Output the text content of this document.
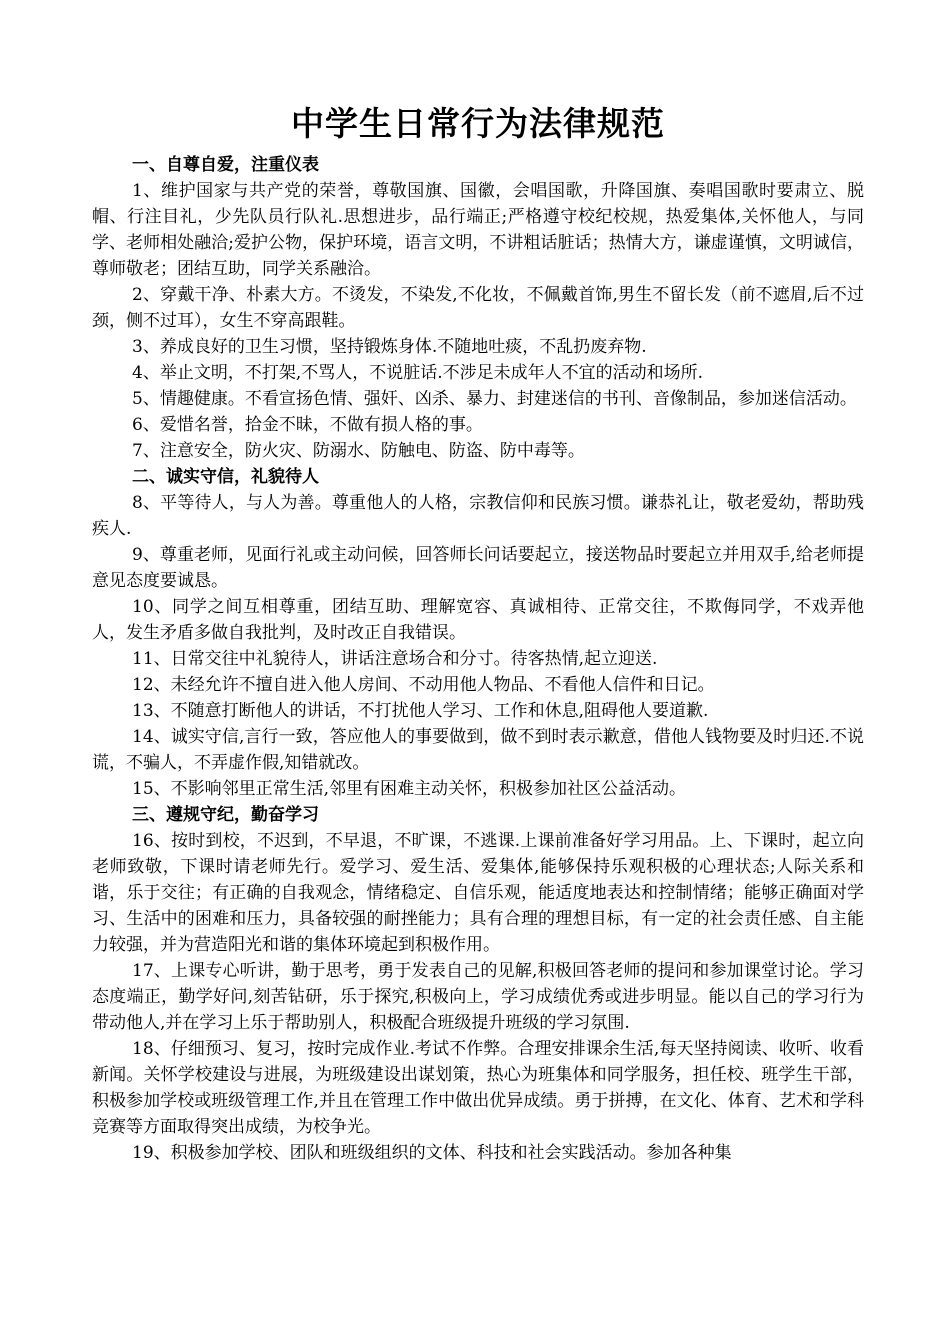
中学生日常行为法律规范

一、自尊自爱，注重仪表

1、维护国家与共产党的荣誉，尊敬国旗、国徽，会唱国歌，升降国旗、奏唱国歌时要肃立、脱帽、行注目礼，少先队员行队礼.思想进步，品行端正;严格遵守校纪校规，热爱集体,关怀他人，与同学、老师相处融洽;爱护公物，保护环境，语言文明，不讲粗话脏话；热情大方，谦虚谨慎，文明诚信，尊师敬老；团结互助，同学关系融洽。

2、穿戴干净、朴素大方。不烫发，不染发,不化妆，不佩戴首饰,男生不留长发（前不遮眉,后不过颈，侧不过耳），女生不穿高跟鞋。

3、养成良好的卫生习惯，坚持锻炼身体.不随地吐痰，不乱扔废弃物.

4、举止文明，不打架,不骂人，不说脏话.不涉足未成年人不宜的活动和场所.

5、情趣健康。不看宣扬色情、强奸、凶杀、暴力、封建迷信的书刊、音像制品，参加迷信活动。

6、爱惜名誉，拾金不昧，不做有损人格的事。

7、注意安全，防火灾、防溺水、防触电、防盗、防中毒等。

二、诚实守信，礼貌待人

8、平等待人，与人为善。尊重他人的人格，宗教信仰和民族习惯。谦恭礼让，敬老爱幼，帮助残疾人.

9、尊重老师，见面行礼或主动问候，回答师长问话要起立，接送物品时要起立并用双手,给老师提意见态度要诚恳。

10、同学之间互相尊重，团结互助、理解宽容、真诚相待、正常交往，不欺侮同学，不戏弄他人，发生矛盾多做自我批判，及时改正自我错误。

11、日常交往中礼貌待人，讲话注意场合和分寸。待客热情,起立迎送.

12、未经允许不擅自进入他人房间、不动用他人物品、不看他人信件和日记。

13、不随意打断他人的讲话，不打扰他人学习、工作和休息,阻碍他人要道歉.

14、诚实守信,言行一致，答应他人的事要做到，做不到时表示歉意，借他人钱物要及时归还.不说谎，不骗人，不弄虚作假,知错就改。

15、不影响邻里正常生活,邻里有困难主动关怀，积极参加社区公益活动。

三、遵规守纪，勤奋学习

16、按时到校，不迟到，不早退，不旷课，不逃课.上课前准备好学习用品。上、下课时，起立向老师致敬，下课时请老师先行。爱学习、爱生活、爱集体,能够保持乐观积极的心理状态;人际关系和谐，乐于交往；有正确的自我观念，情绪稳定、自信乐观，能适度地表达和控制情绪；能够正确面对学习、生活中的困难和压力，具备较强的耐挫能力；具有合理的理想目标，有一定的社会责任感、自主能力较强，并为营造阳光和谐的集体环境起到积极作用。

17、上课专心听讲，勤于思考，勇于发表自己的见解,积极回答老师的提问和参加课堂讨论。学习态度端正，勤学好问,刻苦钻研，乐于探究,积极向上，学习成绩优秀或进步明显。能以自己的学习行为带动他人,并在学习上乐于帮助别人，积极配合班级提升班级的学习氛围.

18、仔细预习、复习，按时完成作业.考试不作弊。合理安排课余生活,每天坚持阅读、收听、收看新闻。关怀学校建设与进展，为班级建设出谋划策，热心为班集体和同学服务，担任校、班学生干部，积极参加学校或班级管理工作,并且在管理工作中做出优异成绩。勇于拼搏，在文化、体育、艺术和学科竞赛等方面取得突出成绩，为校争光。

19、积极参加学校、团队和班级组织的文体、科技和社会实践活动。参加各种集
